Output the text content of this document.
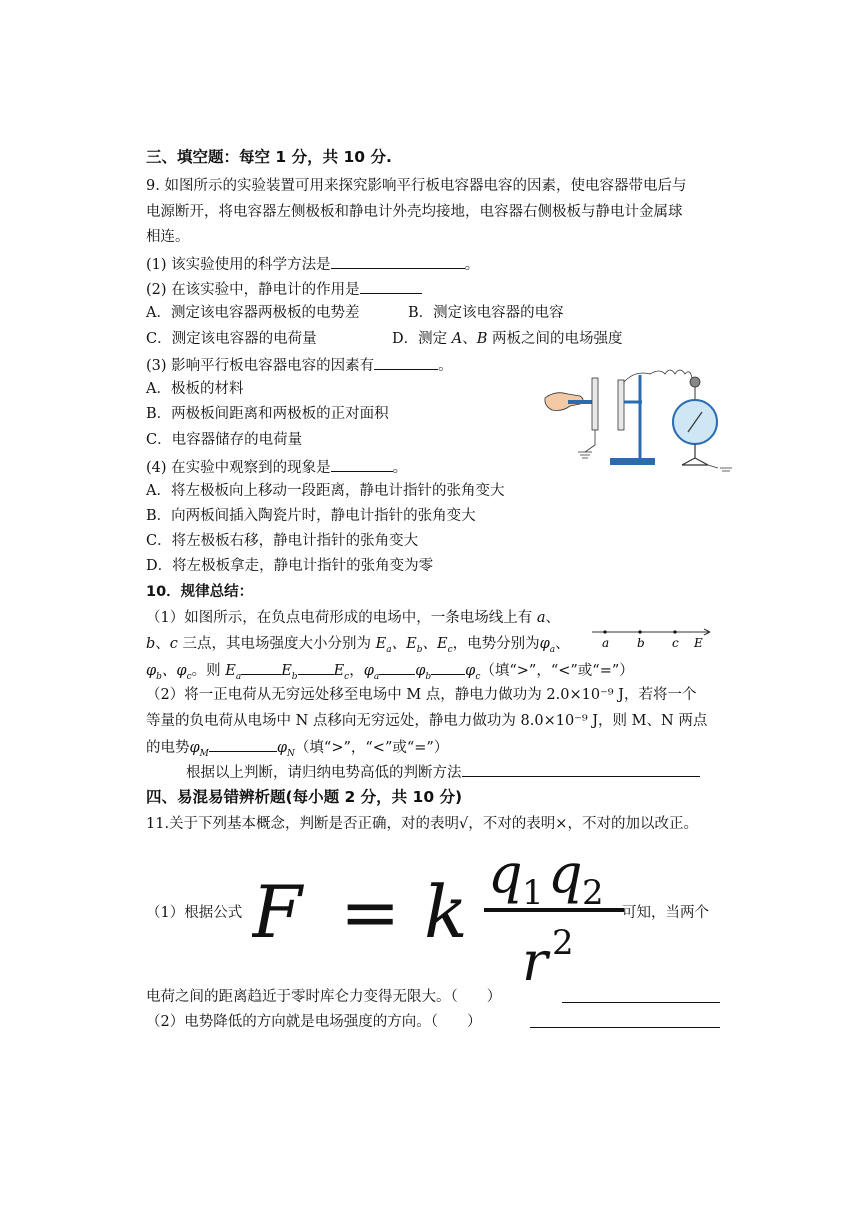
三、填空题：每空 1 分，共 10 分.
9. 如图所示的实验装置可用来探究影响平行板电容器电容的因素，使电容器带电后与
电源断开，将电容器左侧极板和静电计外壳均接地，电容器右侧极板与静电计金属球
相连。
(1) 该实验使用的科学方法是	。
(2) 在该实验中，静电计的作用是
A．测定该电容器两极板的电势差	B．测定该电容器的电容
C．测定该电容器的电荷量	D．测定 A、B 两板之间的电场强度
(3) 影响平行板电容器电容的因素有	。
A．极板的材料
B．两极板间距离和两极板的正对面积
C．电容器储存的电荷量
(4) 在实验中观察到的现象是	。
A．将左极板向上移动一段距离，静电计指针的张角变大
B．向两板间插入陶瓷片时，静电计指针的张角变大
C．将左极板右移，静电计指针的张角变大
D．将左极板拿走，静电计指针的张角变为零
10．规律总结：
（1）如图所示，在负点电荷形成的电场中，一条电场线上有 a、
b、c 三点，其电场强度大小分别为 $E_a$、$E_b$、$E_c$，电势分别为$\varphi_a$、
$\varphi_b$、$\varphi_c$。则 $E_a$	$E_b$ $E_c$，$\varphi_a$ $\varphi_b$ $\varphi_c$（填“>”，“<”或“=”）
a b c E
（2）将一正电荷从无穷远处移至电场中 M 点，静电力做功为 2.0×10⁻⁹ J，若将一个
等量的负电荷从电场中 N 点移向无穷远处，静电力做功为 8.0×10⁻⁹ J，则 M、N 两点
的电势$\varphi_M$	$\varphi_N$（填“>”，“<”或“=”）
根据以上判断，请归纳电势高低的判断方法
四、易混易错辨析题(每小题 2 分，共 10 分)
11.关于下列基本概念，判断是否正确，对的表明√，不对的表明×，不对的加以改正。
（1）根据公式 F = k q 1 q 2
r 2
可知，当两个
电荷之间的距离趋近于零时库仑力变得无限大。（　　）
（2）电势降低的方向就是电场强度的方向。（　　）
